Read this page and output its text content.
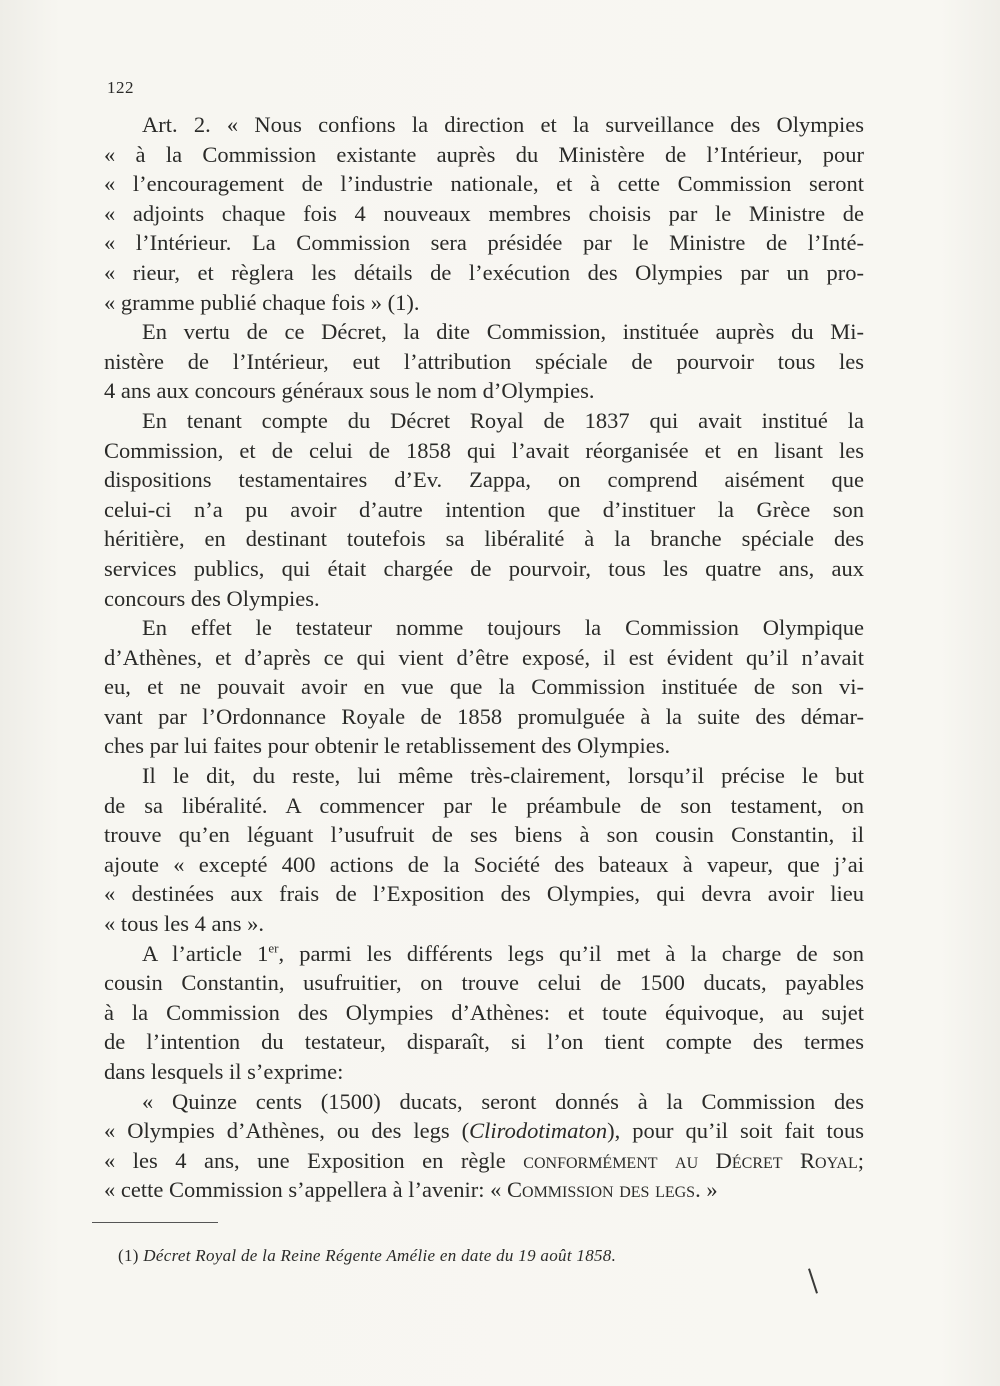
122

Art. 2. « Nous confions la direction et la surveillance des Olympies

« à la Commission existante auprès du Ministère de l’Intérieur, pour
« l’encouragement de l’industrie nationale, et à cette Commission seront
« adjoints chaque fois 4 nouveaux membres choisis par le Ministre de
« l’Intérieur. La Commission sera présidée par le Ministre de l’Inté-
« rieur, et règlera les détails de l’exécution des Olympies par un pro-
« gramme publié chaque fois » (1).

En vertu de ce Décret, la dite Commission, instituée auprès du Mi-
nistère de l’Intérieur, eut l’attribution spéciale de pourvoir tous les
4 ans aux concours généraux sous le nom d’Olympies.

En tenant compte du Décret Royal de 1837 qui avait institué la
Commission, et de celui de 1858 qui l’avait réorganisée et en lisant les
dispositions testamentaires d’Ev. Zappa, on comprend aisément que
celui-ci n’a pu avoir d’autre intention que d’instituer la Grèce son
héritière, en destinant toutefois sa libéralité à la branche spéciale des
services publics, qui était chargée de pourvoir, tous les quatre ans, aux
concours des Olympies.

En effet le testateur nomme toujours la Commission Olympique
d’Athènes, et d’après ce qui vient d’être exposé, il est évident qu’il n’avait
eu, et ne pouvait avoir en vue que la Commission instituée de son vi-
vant par l’Ordonnance Royale de 1858 promulguée à la suite des démar-
ches par lui faites pour obtenir le retablissement des Olympies.

Il le dit, du reste, lui même très-clairement, lorsqu’il précise le but
de sa libéralité. A commencer par le préambule de son testament, on
trouve qu’en léguant l’usufruit de ses biens à son cousin Constantin, il
ajoute « excepté 400 actions de la Société des bateaux à vapeur, que j’ai
« destinées aux frais de l’Exposition des Olympies, qui devra avoir lieu
« tous les 4 ans ».

A l’article 1er, parmi les différents legs qu’il met à la charge de son
cousin Constantin, usufruitier, on trouve celui de 1500 ducats, payables
à la Commission des Olympies d’Athènes: et toute équivoque, au sujet
de l’intention du testateur, disparaît, si l’on tient compte des termes
dans lesquels il s’exprime:

« Quinze cents (1500) ducats, seront donnés à la Commission des
« Olympies d’Athènes, ou des legs (Clirodotimaton), pour qu’il soit fait tous
« les 4 ans, une Exposition en règle conformément au Décret Royal;
« cette Commission s’appellera à l’avenir: « Commission des legs. »

(1) Décret Royal de la Reine Régente Amélie en date du 19 août 1858.
